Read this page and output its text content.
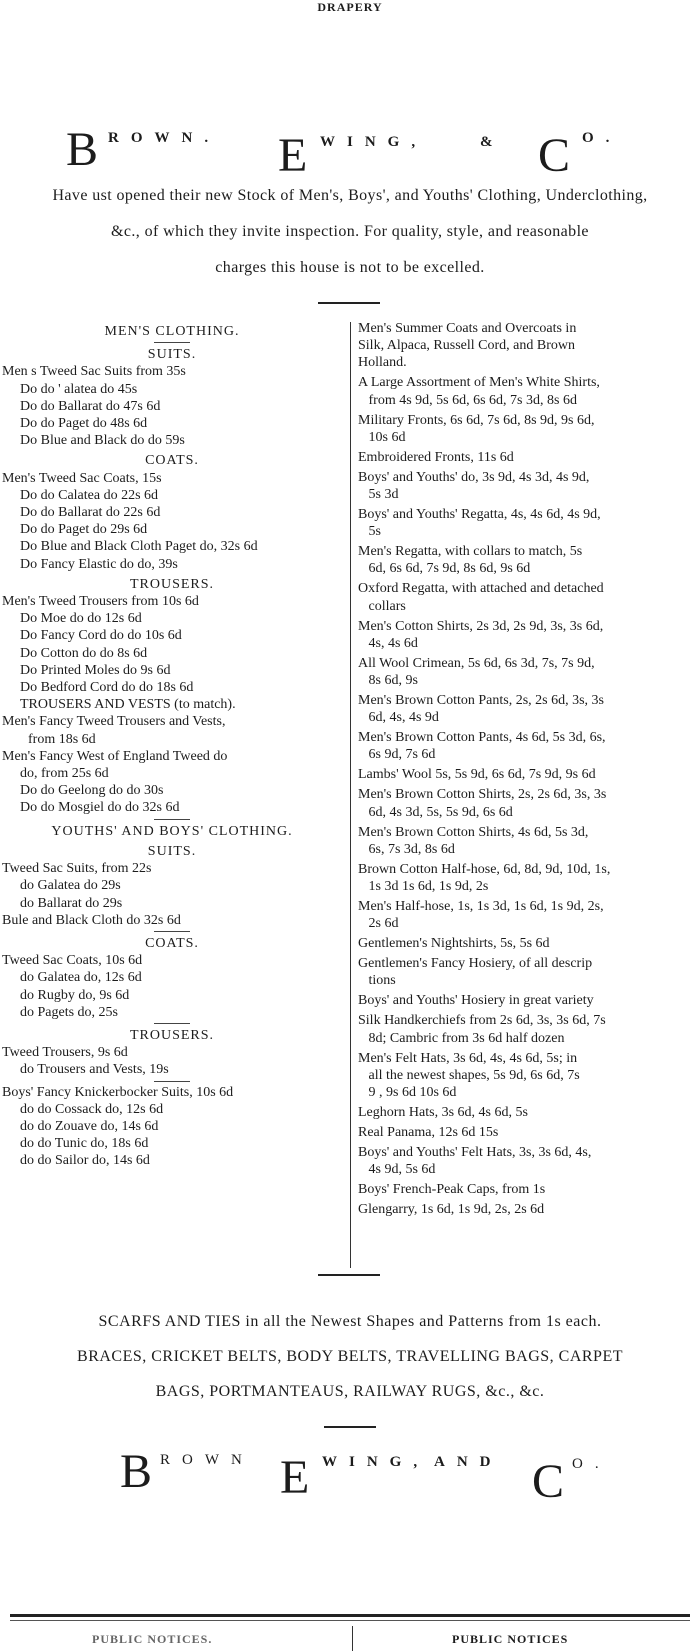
DRAPERY
B ROWN. E WING,	& C O.
Have ust opened their new Stock of Men's, Boys', and Youths' Clothing, Underclothing,
&c., of which they invite inspection. For quality, style, and reasonable
charges this house is not to be excelled.
MEN'S CLOTHING.
SUITS.
Men s Tweed Sac Suits from 35s
Do do ' alatea do 45s
Do do Ballarat do 47s 6d
Do do Paget do 48s 6d
Do Blue and Black do do 59s
COATS.
Men's Tweed Sac Coats, 15s
Do do Calatea do 22s 6d
Do do Ballarat do 22s 6d
Do do Paget do 29s 6d
Do Blue and Black Cloth Paget do, 32s 6d
Do Fancy Elastic do do, 39s
TROUSERS.
Men's Tweed Trousers from 10s 6d
Do Moe do do 12s 6d
Do Fancy Cord do do 10s 6d
Do Cotton do do 8s 6d
Do Printed Moles do 9s 6d
Do Bedford Cord do do 18s 6d
TROUSERS AND VESTS (to match).
Men's Fancy Tweed Trousers and Vests,
from 18s 6d
Men's Fancy West of England Tweed do
do, from 25s 6d
Do do Geelong do do 30s
Do do Mosgiel do do 32s 6d
YOUTHS' AND BOYS' CLOTHING.
SUITS.
Tweed Sac Suits, from 22s
do Galatea do 29s
do Ballarat do 29s
Bule and Black Cloth do 32s 6d
COATS.
Tweed Sac Coats, 10s 6d
do Galatea do, 12s 6d
do Rugby do, 9s 6d
do Pagets do, 25s
TROUSERS.
Tweed Trousers, 9s 6d
do Trousers and Vests, 19s
Boys' Fancy Knickerbocker Suits, 10s 6d
do do Cossack do, 12s 6d
do do Zouave do, 14s 6d
do do Tunic do, 18s 6d
do do Sailor do, 14s 6d
Men's Summer Coats and Overcoats in
Silk, Alpaca, Russell Cord, and Brown
Holland.
A Large Assortment of Men's White Shirts,
from 4s 9d, 5s 6d, 6s 6d, 7s 3d, 8s 6d
Military Fronts, 6s 6d, 7s 6d, 8s 9d, 9s 6d,
10s 6d
Embroidered Fronts, 11s 6d
Boys' and Youths' do, 3s 9d, 4s 3d, 4s 9d,
5s 3d
Boys' and Youths' Regatta, 4s, 4s 6d, 4s 9d,
5s
Men's Regatta, with collars to match, 5s
6d, 6s 6d, 7s 9d, 8s 6d, 9s 6d
Oxford Regatta, with attached and detached
collars
Men's Cotton Shirts, 2s 3d, 2s 9d, 3s, 3s 6d,
4s, 4s 6d
All Wool Crimean, 5s 6d, 6s 3d, 7s, 7s 9d,
8s 6d, 9s
Men's Brown Cotton Pants, 2s, 2s 6d, 3s, 3s
6d, 4s, 4s 9d
Men's Brown Cotton Pants, 4s 6d, 5s 3d, 6s,
6s 9d, 7s 6d
Lambs' Wool 5s, 5s 9d, 6s 6d, 7s 9d, 9s 6d
Men's Brown Cotton Shirts, 2s, 2s 6d, 3s, 3s
6d, 4s 3d, 5s, 5s 9d, 6s 6d
Men's Brown Cotton Shirts, 4s 6d, 5s 3d,
6s, 7s 3d, 8s 6d
Brown Cotton Half-hose, 6d, 8d, 9d, 10d, 1s,
1s 3d 1s 6d, 1s 9d, 2s
Men's Half-hose, 1s, 1s 3d, 1s 6d, 1s 9d, 2s,
2s 6d
Gentlemen's Nightshirts, 5s, 5s 6d
Gentlemen's Fancy Hosiery, of all descrip
tions
Boys' and Youths' Hosiery in great variety
Silk Handkerchiefs from 2s 6d, 3s, 3s 6d, 7s
8d; Cambric from 3s 6d half dozen
Men's Felt Hats, 3s 6d, 4s, 4s 6d, 5s; in
all the newest shapes, 5s 9d, 6s 6d, 7s
9 , 9s 6d 10s 6d
Leghorn Hats, 3s 6d, 4s 6d, 5s
Real Panama, 12s 6d 15s
Boys' and Youths' Felt Hats, 3s, 3s 6d, 4s,
4s 9d, 5s 6d
Boys' French-Peak Caps, from 1s
Glengarry, 1s 6d, 1s 9d, 2s, 2s 6d
SCARFS AND TIES in all the Newest Shapes and Patterns from 1s each.
BRACES, CRICKET BELTS, BODY BELTS, TRAVELLING BAGS, CARPET
BAGS, PORTMANTEAUS, RAILWAY RUGS, &c., &c.
B ROWN E WING, AND C O.
PUBLIC NOTICES.	PUBLIC NOTICES
